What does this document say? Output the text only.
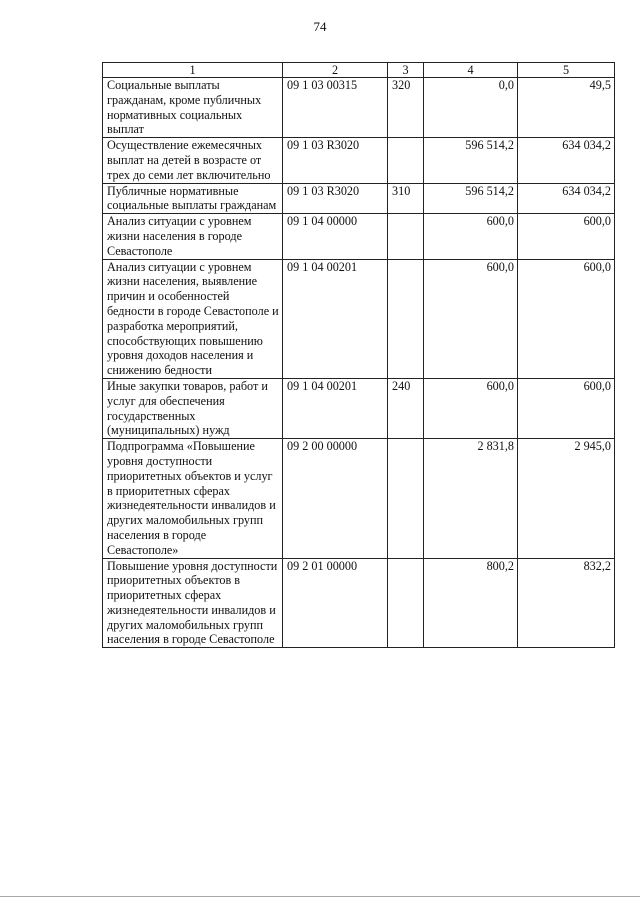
74
1	2	3	4	5
Социальные выплаты гражданам, кроме публичных нормативных социальных выплат	09 1 03 00315	320	0,0	49,5
Осуществление ежемесячных выплат на детей в возрасте от трех до семи лет включительно	09 1 03 R3020		596 514,2	634 034,2
Публичные нормативные социальные выплаты гражданам	09 1 03 R3020	310	596 514,2	634 034,2
Анализ ситуации с уровнем жизни населения в городе Севастополе	09 1 04 00000		600,0	600,0
Анализ ситуации с уровнем жизни населения, выявление причин и особенностей бедности в городе Севастополе и разработка мероприятий, способствующих повышению уровня доходов населения и снижению бедности	09 1 04 00201		600,0	600,0
Иные закупки товаров, работ и услуг для обеспечения государственных (муниципальных) нужд	09 1 04 00201	240	600,0	600,0
Подпрограмма «Повышение уровня доступности приоритетных объектов и услуг в приоритетных сферах жизнедеятельности инвалидов и других маломобильных групп населения в городе Севастополе»	09 2 00 00000		2 831,8	2 945,0
Повышение уровня доступности приоритетных объектов в приоритетных сферах жизнедеятельности инвалидов и других маломобильных групп населения в городе Севастополе	09 2 01 00000		800,2	832,2
